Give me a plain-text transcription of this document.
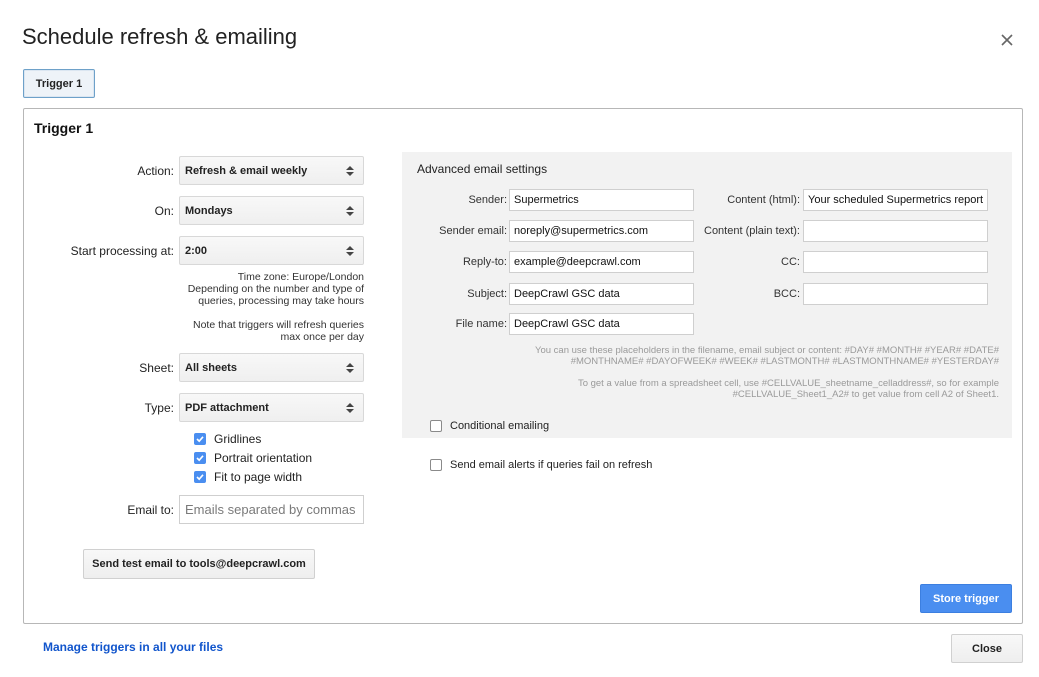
Schedule refresh & emailing
Trigger 1
Trigger 1
Action: Refresh & email weekly
On: Mondays
Start processing at: 2:00
Time zone: Europe/London
Depending on the number and type of
queries, processing may take hours
Note that triggers will refresh queries
max once per day
Sheet: All sheets
Type: PDF attachment
Gridlines
Portrait orientation
Fit to page width
Email to:
Emails separated by commas
Send test email to tools@deepcrawl.com
Advanced email settings
Sender: Supermetrics
Sender email: noreply@supermetrics.com
Reply-to: example@deepcrawl.com
Subject: DeepCrawl GSC data
File name: DeepCrawl GSC data
Content (html): Your scheduled Supermetrics report
Content (plain text):
CC:
BCC:
You can use these placeholders in the filename, email subject or content: #DAY# #MONTH# #YEAR# #DATE#
#MONTHNAME# #DAYOFWEEK# #WEEK# #LASTMONTH# #LASTMONTHNAME# #YESTERDAY#
To get a value from a spreadsheet cell, use #CELLVALUE_sheetname_celladdress#, so for example
#CELLVALUE_Sheet1_A2# to get value from cell A2 of Sheet1.
Conditional emailing
Send email alerts if queries fail on refresh
Store trigger
Manage triggers in all your files	Close
